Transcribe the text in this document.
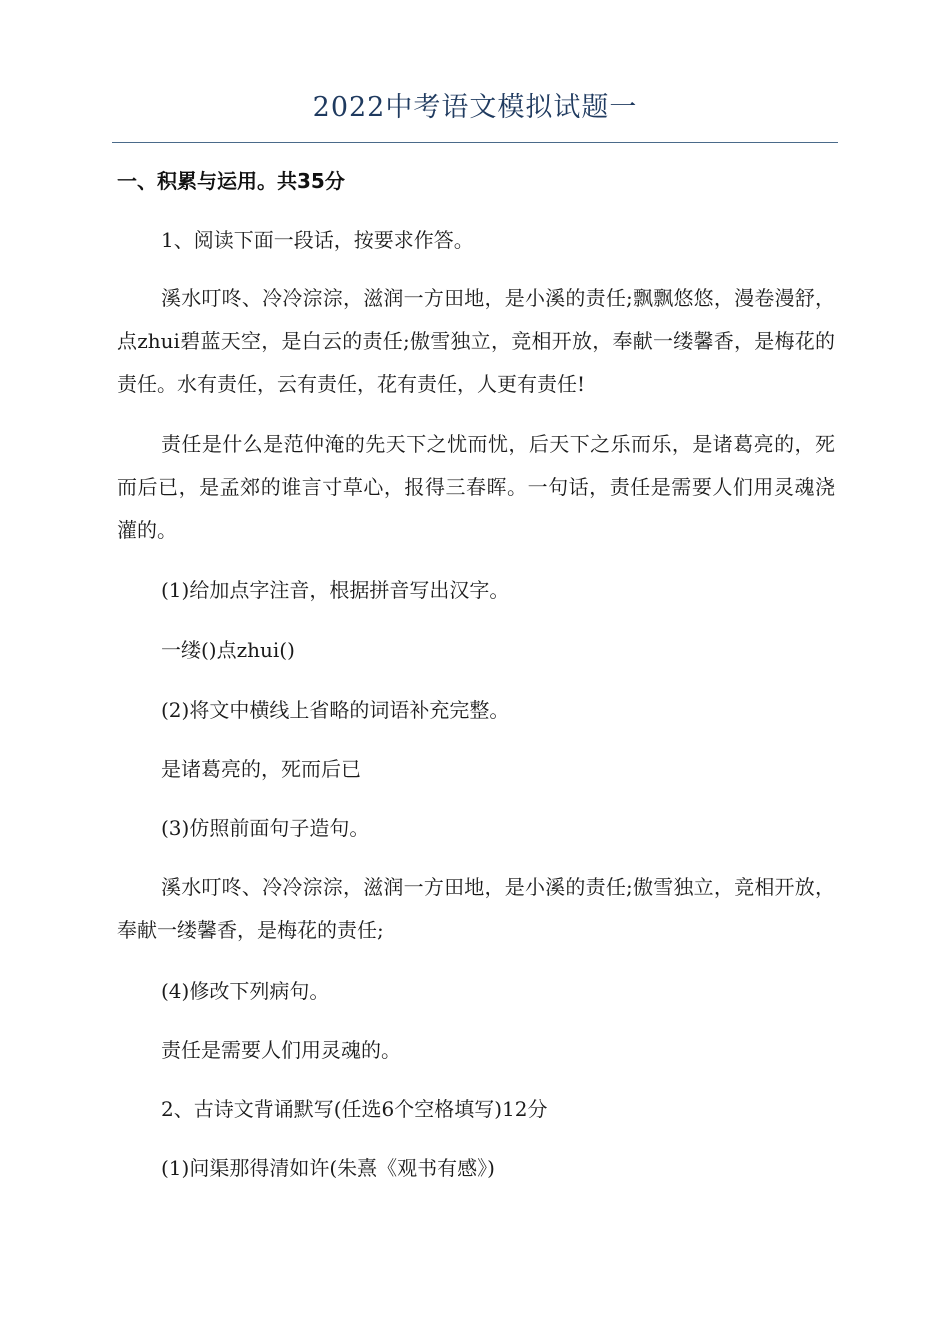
2022中考语文模拟试题一
一、积累与运用。共35分

1、阅读下面一段话，按要求作答。

溪水叮咚、冷冷淙淙，滋润一方田地，是小溪的责任;飘飘悠悠，漫卷漫舒，点zhui碧蓝天空，是白云的责任;傲雪独立，竞相开放，奉献一缕馨香，是梅花的责任。水有责任，云有责任，花有责任，人更有责任!

责任是什么是范仲淹的先天下之忧而忧，后天下之乐而乐，是诸葛亮的，死而后已，是孟郊的谁言寸草心，报得三春晖。一句话，责任是需要人们用灵魂浇灌的。

(1)给加点字注音，根据拼音写出汉字。

一缕()点zhui()

(2)将文中横线上省略的词语补充完整。

是诸葛亮的，死而后已

(3)仿照前面句子造句。

溪水叮咚、冷冷淙淙，滋润一方田地，是小溪的责任;傲雪独立，竞相开放，奉献一缕馨香，是梅花的责任;

(4)修改下列病句。

责任是需要人们用灵魂的。

2、古诗文背诵默写(任选6个空格填写)12分

(1)问渠那得清如许(朱熹《观书有感》)
